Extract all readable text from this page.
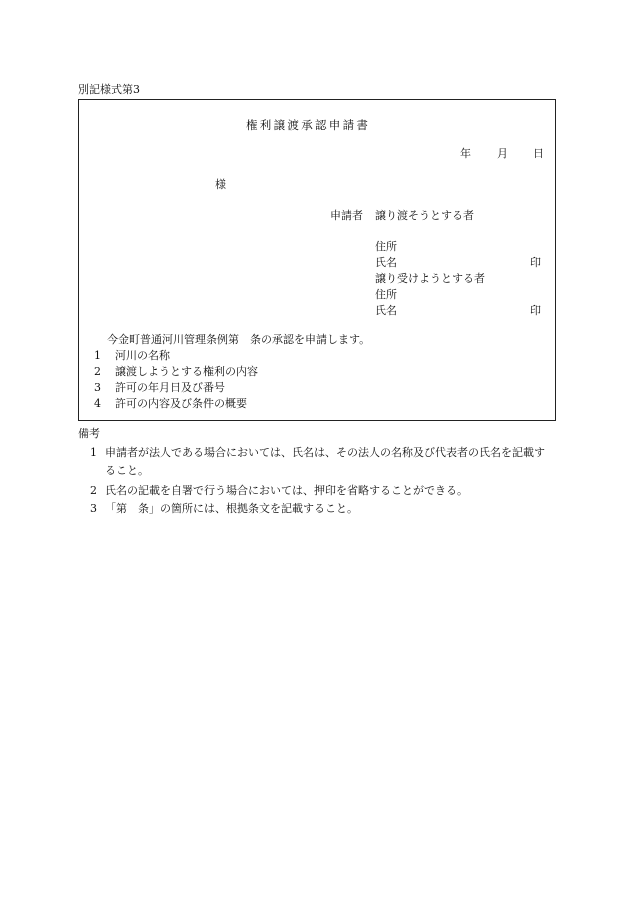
別記様式第3
権利譲渡承認申請書
年 月 日
様
申請者 譲り渡そうとする者
住所
氏名	印
譲り受けようとする者
住所
氏名	印
今金町普通河川管理条例第　条の承認を申請します。
1 河川の名称
2 譲渡しようとする権利の内容
3 許可の年月日及び番号
4 許可の内容及び条件の概要
備考
1 申請者が法人である場合においては、氏名は、その法人の名称及び代表者の氏名を記載すること。
2 氏名の記載を自署で行う場合においては、押印を省略することができる。
3 「第　条」の箇所には、根拠条文を記載すること。
